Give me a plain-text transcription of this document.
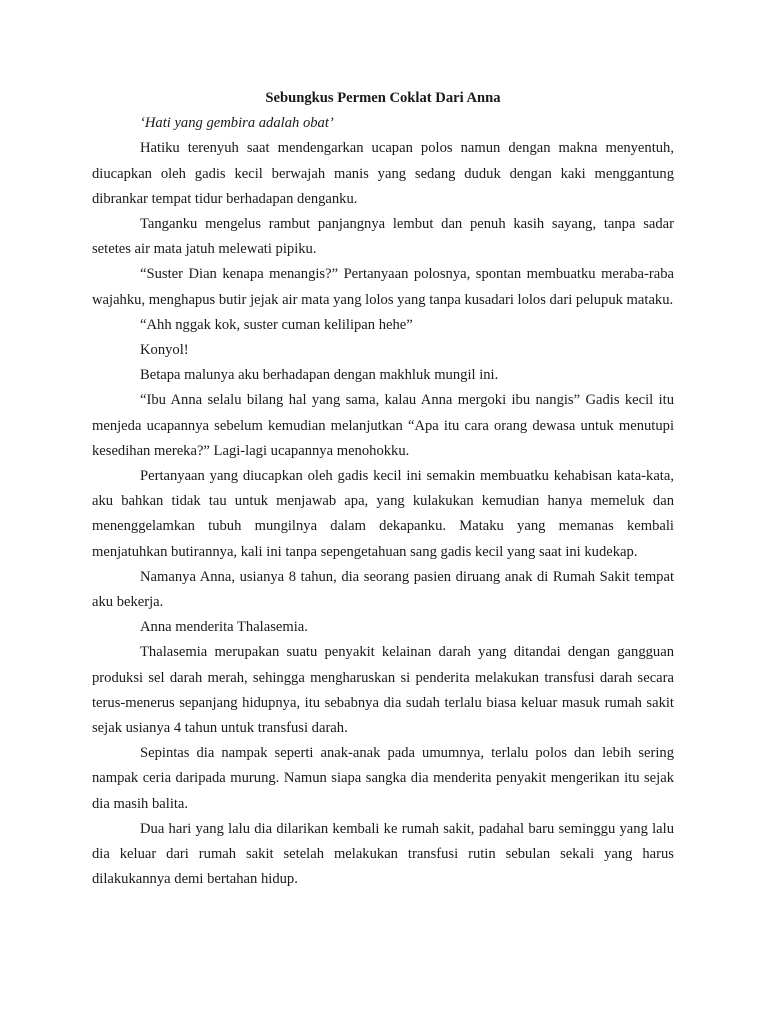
Sebungkus Permen Coklat Dari Anna

‘Hati yang gembira adalah obat’

Hatiku terenyuh saat mendengarkan ucapan polos namun dengan makna menyentuh, diucapkan oleh gadis kecil berwajah manis yang sedang duduk dengan kaki menggantung dibrankar tempat tidur berhadapan denganku.

Tanganku mengelus rambut panjangnya lembut dan penuh kasih sayang, tanpa sadar setetes air mata jatuh melewati pipiku.

“Suster Dian kenapa menangis?” Pertanyaan polosnya, spontan membuatku meraba-raba wajahku, menghapus butir jejak air mata yang lolos yang tanpa kusadari lolos dari pelupuk mataku.

“Ahh nggak kok, suster cuman kelilipan hehe”

Konyol!

Betapa malunya aku berhadapan dengan makhluk mungil ini.

“Ibu Anna selalu bilang hal yang sama, kalau Anna mergoki ibu nangis” Gadis kecil itu menjeda ucapannya sebelum kemudian melanjutkan “Apa itu cara orang dewasa untuk menutupi kesedihan mereka?” Lagi-lagi ucapannya menohokku.

Pertanyaan yang diucapkan oleh gadis kecil ini semakin membuatku kehabisan kata-kata, aku bahkan tidak tau untuk menjawab apa, yang kulakukan kemudian hanya memeluk dan menenggelamkan tubuh mungilnya dalam dekapanku. Mataku yang memanas kembali menjatuhkan butirannya, kali ini tanpa sepengetahuan sang gadis kecil yang saat ini kudekap.

Namanya Anna, usianya 8 tahun, dia seorang pasien diruang anak di Rumah Sakit tempat aku bekerja.

Anna menderita Thalasemia.

Thalasemia merupakan suatu penyakit kelainan darah yang ditandai dengan gangguan produksi sel darah merah, sehingga mengharuskan si penderita melakukan transfusi darah secara terus-menerus sepanjang hidupnya, itu sebabnya dia sudah terlalu biasa keluar masuk rumah sakit sejak usianya 4 tahun untuk transfusi darah.

Sepintas dia nampak seperti anak-anak pada umumnya, terlalu polos dan lebih sering nampak ceria daripada murung. Namun siapa sangka dia menderita penyakit mengerikan itu sejak dia masih balita.

Dua hari yang lalu dia dilarikan kembali ke rumah sakit, padahal baru seminggu yang lalu dia keluar dari rumah sakit setelah melakukan transfusi rutin sebulan sekali yang harus dilakukannya demi bertahan hidup.
